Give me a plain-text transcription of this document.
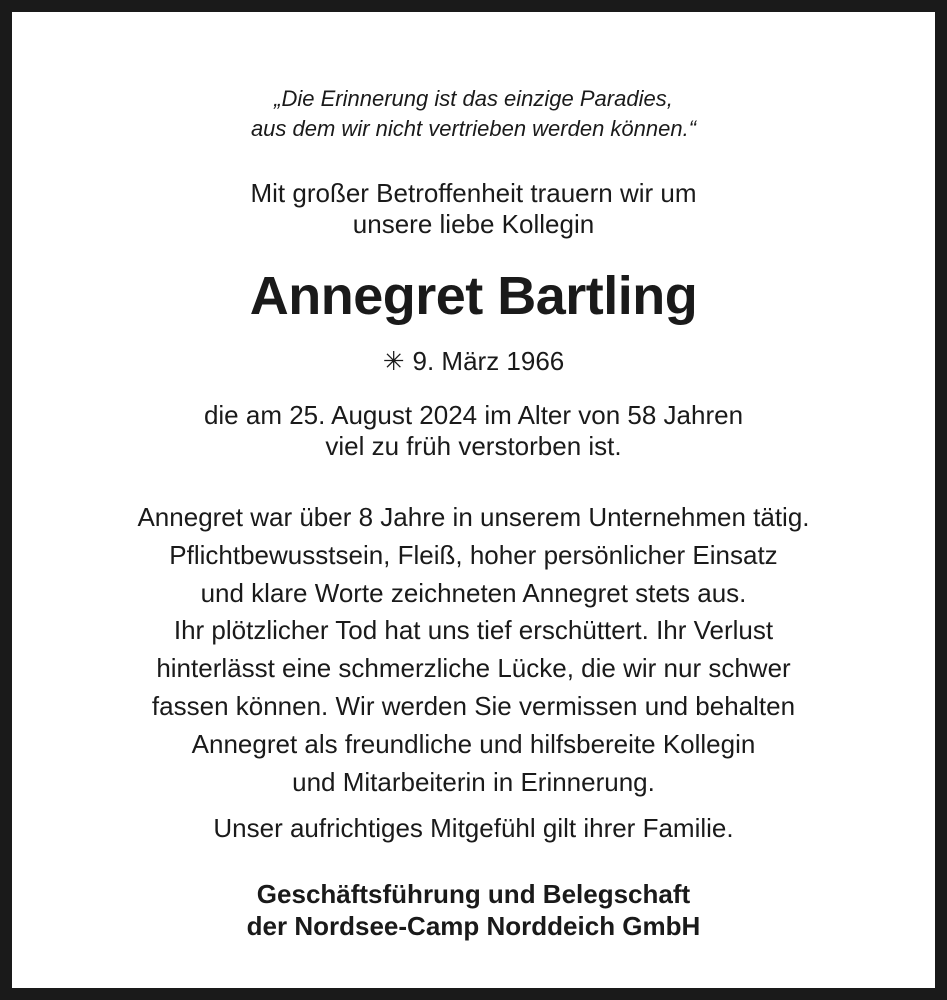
„Die Erinnerung ist das einzige Paradies,
aus dem wir nicht vertrieben werden können.“
Mit großer Betroffenheit trauern wir um
unsere liebe Kollegin
Annegret Bartling
✳ 9. März 1966
die am 25. August 2024 im Alter von 58 Jahren
viel zu früh verstorben ist.
Annegret war über 8 Jahre in unserem Unternehmen tätig.
Pflichtbewusstsein, Fleiß, hoher persönlicher Einsatz
und klare Worte zeichneten Annegret stets aus.
Ihr plötzlicher Tod hat uns tief erschüttert. Ihr Verlust
hinterlässt eine schmerzliche Lücke, die wir nur schwer
fassen können. Wir werden Sie vermissen und behalten
Annegret als freundliche und hilfsbereite Kollegin
und Mitarbeiterin in Erinnerung.
Unser aufrichtiges Mitgefühl gilt ihrer Familie.
Geschäftsführung und Belegschaft
der Nordsee-Camp Norddeich GmbH
